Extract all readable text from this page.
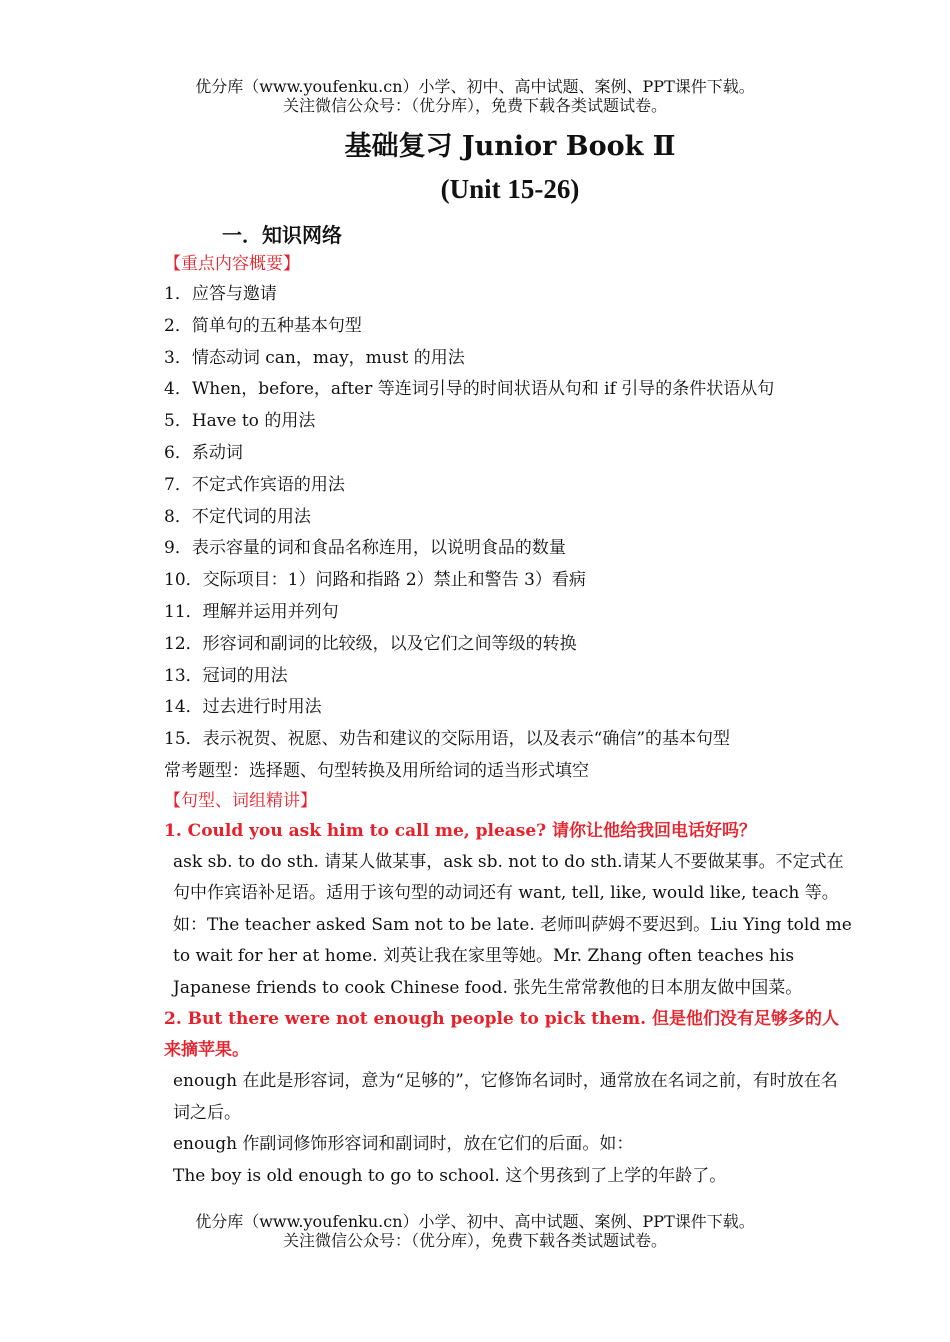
优分库（www.youfenku.cn）小学、初中、高中试题、案例、PPT课件下载。
关注微信公众号：（优分库），免费下载各类试题试卷。
基础复习 Junior Book Ⅱ
(Unit 15-26)
一．知识网络
【重点内容概要】
1．应答与邀请
2．简单句的五种基本句型
3．情态动词 can，may，must 的用法
4．When，before，after 等连词引导的时间状语从句和 if 引导的条件状语从句
5．Have to 的用法
6．系动词
7．不定式作宾语的用法
8．不定代词的用法
9．表示容量的词和食品名称连用，以说明食品的数量
10．交际项目：1）问路和指路 2）禁止和警告 3）看病
11．理解并运用并列句
12．形容词和副词的比较级，以及它们之间等级的转换
13．冠词的用法
14．过去进行时用法
15．表示祝贺、祝愿、劝告和建议的交际用语，以及表示“确信”的基本句型
常考题型：选择题、句型转换及用所给词的适当形式填空
【句型、词组精讲】
1. Could you ask him to call me, please? 请你让他给我回电话好吗？
ask sb. to do sth. 请某人做某事，ask sb. not to do sth.请某人不要做某事。不定式在句中作宾语补足语。适用于该句型的动词还有 want, tell, like, would like, teach 等。如：The teacher asked Sam not to be late. 老师叫萨姆不要迟到。Liu Ying told me to wait for her at home. 刘英让我在家里等她。Mr. Zhang often teaches his Japanese friends to cook Chinese food. 张先生常常教他的日本朋友做中国菜。
2. But there were not enough people to pick them. 但是他们没有足够多的人来摘苹果。
enough 在此是形容词，意为“足够的”，它修饰名词时，通常放在名词之前，有时放在名词之后。
enough 作副词修饰形容词和副词时，放在它们的后面。如：
The boy is old enough to go to school. 这个男孩到了上学的年龄了。
优分库（www.youfenku.cn）小学、初中、高中试题、案例、PPT课件下载。
关注微信公众号：（优分库），免费下载各类试题试卷。
